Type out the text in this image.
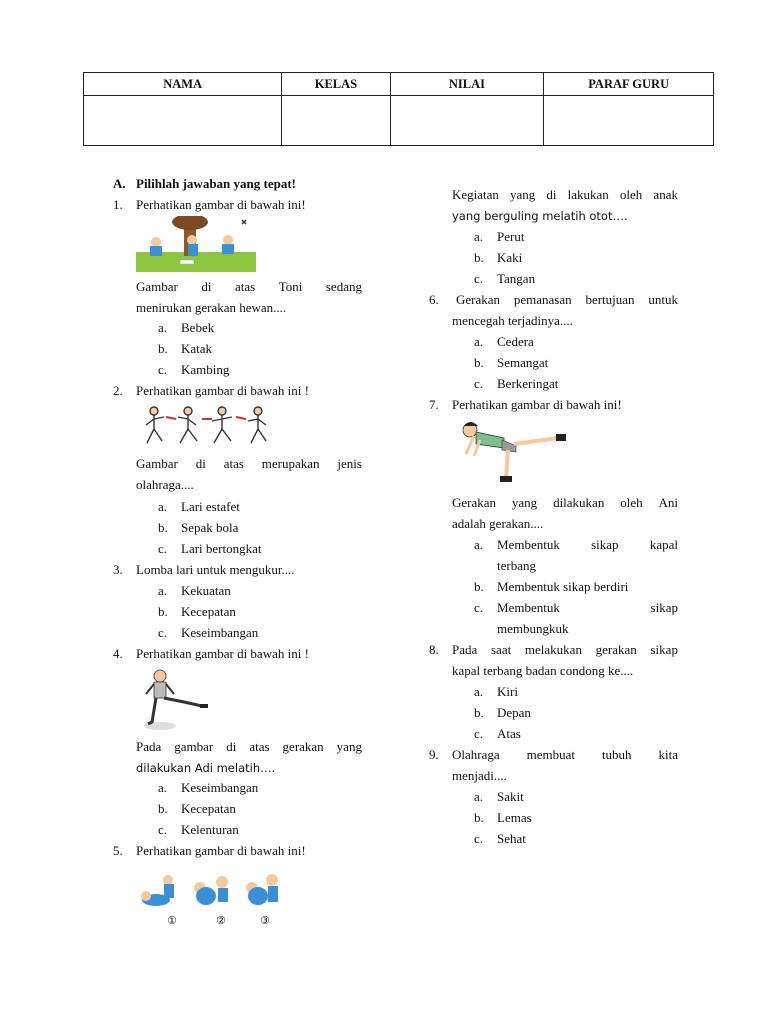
NAMA	KELAS	NILAI	PARAF GURU

A. Pilihlah jawaban yang tepat!
1. Perhatikan gambar di bawah ini!
Gambar di atas Toni sedang
menirukan gerakan hewan....
a. Bebek
b. Katak
c. Kambing
2. Perhatikan gambar di bawah ini !
Gambar di atas merupakan jenis
olahraga....
a. Lari estafet
b. Sepak bola
c. Lari bertongkat
3. Lomba lari untuk mengukur....
a. Kekuatan
b. Kecepatan
c. Keseimbangan
4. Perhatikan gambar di bawah ini !
Pada gambar di atas gerakan yang
dilakukan Adi melatih….
a. Keseimbangan
b. Kecepatan
c. Kelenturan
5. Perhatikan gambar di bawah ini!
①	②	③
Kegiatan yang di lakukan oleh anak
yang berguling melatih otot….
a. Perut
b. Kaki
c. Tangan
6. Gerakan pemanasan bertujuan untuk
mencegah terjadinya....
a. Cedera
b. Semangat
c. Berkeringat
7. Perhatikan gambar di bawah ini!
Gerakan yang dilakukan oleh Ani
adalah gerakan....
a. Membentuk sikap kapal
terbang
b. Membentuk sikap berdiri
c. Membentuk	sikap
membungkuk
8. Pada saat melakukan gerakan sikap
kapal terbang badan condong ke....
a. Kiri
b. Depan
c. Atas
9. Olahraga membuat tubuh kita
menjadi....
a. Sakit
b. Lemas
c. Sehat
